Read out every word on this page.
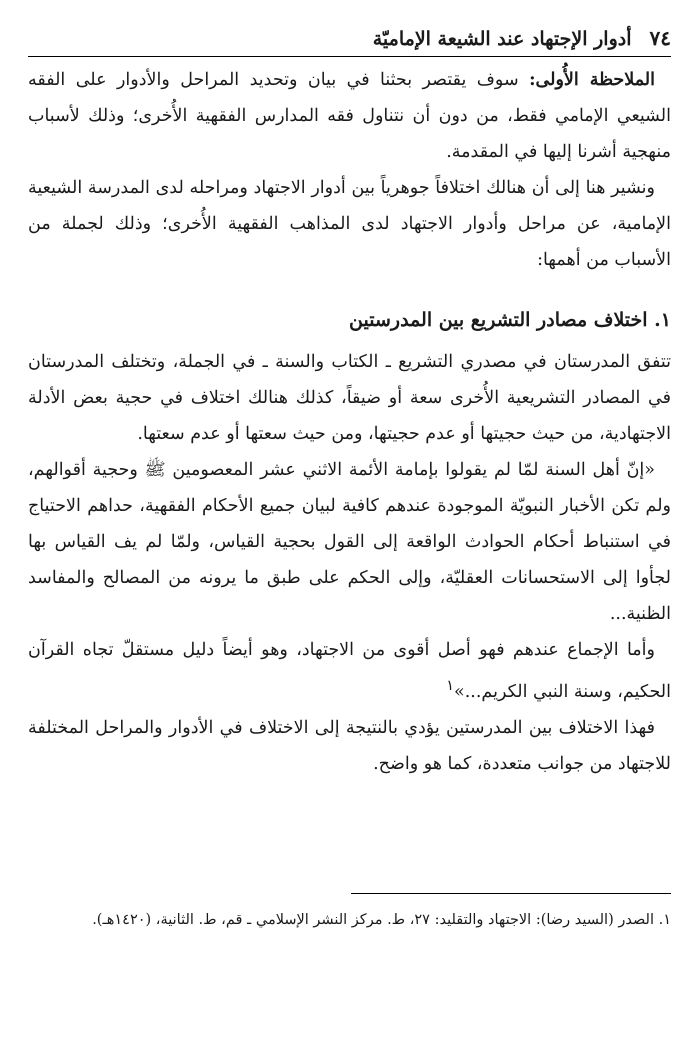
٧٤
أدوار الإجتهاد عند الشيعة الإماميّة

الملاحظة الأُولى: سوف يقتصر بحثنا في بيان وتحديد المراحل والأدوار على الفقه الشيعي الإمامي فقط، من دون أن نتناول فقه المدارس الفقهية الأُخرى؛ وذلك لأسباب منهجية أشرنا إليها في المقدمة.

ونشير هنا إلى أن هنالك اختلافاً جوهرياً بين أدوار الاجتهاد ومراحله لدى المدرسة الشيعية الإمامية، عن مراحل وأدوار الاجتهاد لدى المذاهب الفقهية الأُخرى؛ وذلك لجملة من الأسباب من أهمها:

١. اختلاف مصادر التشريع بين المدرستين

تتفق المدرستان في مصدري التشريع ـ الكتاب والسنة ـ في الجملة، وتختلف المدرستان في المصادر التشريعية الأُخرى سعة أو ضيقاً، كذلك هنالك اختلاف في حجية بعض الأدلة الاجتهادية، من حيث حجيتها أو عدم حجيتها، ومن حيث سعتها أو عدم سعتها.

«إنّ أهل السنة لمّا لم يقولوا بإمامة الأئمة الاثني عشر المعصومين ﷺ وحجية أقوالهم، ولم تكن الأخبار النبويّة الموجودة عندهم كافية لبيان جميع الأحكام الفقهية، حداهم الاحتياج في استنباط أحكام الحوادث الواقعة إلى القول بحجية القياس، ولمّا لم يف القياس بها لجأوا إلى الاستحسانات العقليّة، وإلى الحكم على طبق ما يرونه من المصالح والمفاسد الظنية...

وأما الإجماع عندهم فهو أصل أقوى من الاجتهاد، وهو أيضاً دليل مستقلّ تجاه القرآن الحكيم، وسنة النبي الكريم...»$^١$

فهذا الاختلاف بين المدرستين يؤدي بالنتيجة إلى الاختلاف في الأدوار والمراحل المختلفة للاجتهاد من جوانب متعددة، كما هو واضح.

١. الصدر (السيد رضا): الاجتهاد والتقليد: ٢٧، ط. مركز النشر الإسلامي ـ قم، ط. الثانية، (١٤٢٠هـ).
